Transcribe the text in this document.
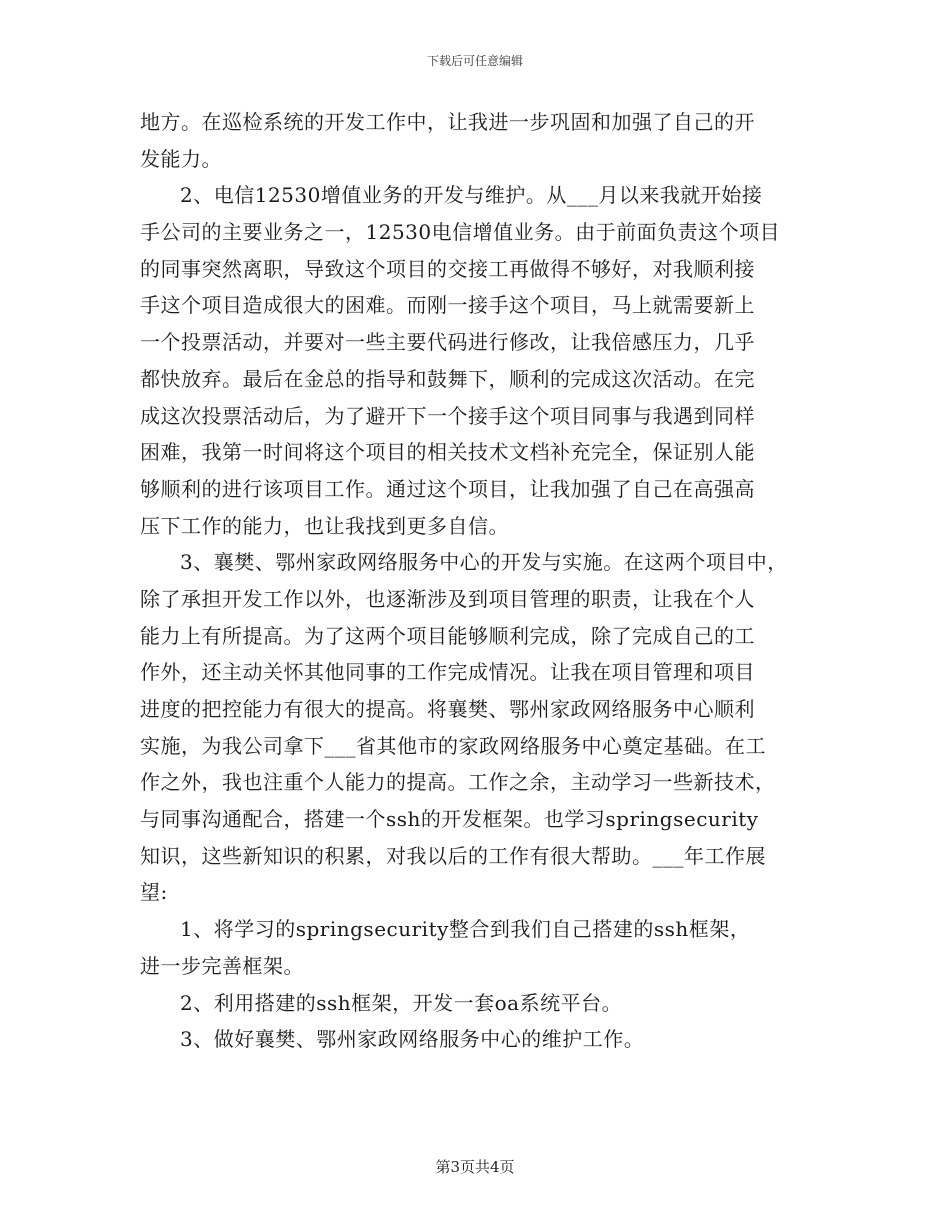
下载后可任意编辑
地方。在巡检系统的开发工作中，让我进一步巩固和加强了自己的开
发能力。
2、电信12530增值业务的开发与维护。从___月以来我就开始接
手公司的主要业务之一，12530电信增值业务。由于前面负责这个项目
的同事突然离职，导致这个项目的交接工再做得不够好，对我顺利接
手这个项目造成很大的困难。而刚一接手这个项目，马上就需要新上
一个投票活动，并要对一些主要代码进行修改，让我倍感压力，几乎
都快放弃。最后在金总的指导和鼓舞下，顺利的完成这次活动。在完
成这次投票活动后，为了避开下一个接手这个项目同事与我遇到同样
困难，我第一时间将这个项目的相关技术文档补充完全，保证别人能
够顺利的进行该项目工作。通过这个项目，让我加强了自己在高强高
压下工作的能力，也让我找到更多自信。
3、襄樊、鄂州家政网络服务中心的开发与实施。在这两个项目中，
除了承担开发工作以外，也逐渐涉及到项目管理的职责，让我在个人
能力上有所提高。为了这两个项目能够顺利完成，除了完成自己的工
作外，还主动关怀其他同事的工作完成情况。让我在项目管理和项目
进度的把控能力有很大的提高。将襄樊、鄂州家政网络服务中心顺利
实施，为我公司拿下___省其他市的家政网络服务中心奠定基础。在工
作之外，我也注重个人能力的提高。工作之余，主动学习一些新技术，
与同事沟通配合，搭建一个ssh的开发框架。也学习springsecurity
知识，这些新知识的积累，对我以后的工作有很大帮助。___年工作展
望:
1、将学习的springsecurity整合到我们自己搭建的ssh框架，
进一步完善框架。
2、利用搭建的ssh框架，开发一套oa系统平台。
3、做好襄樊、鄂州家政网络服务中心的维护工作。
第3页共4页
